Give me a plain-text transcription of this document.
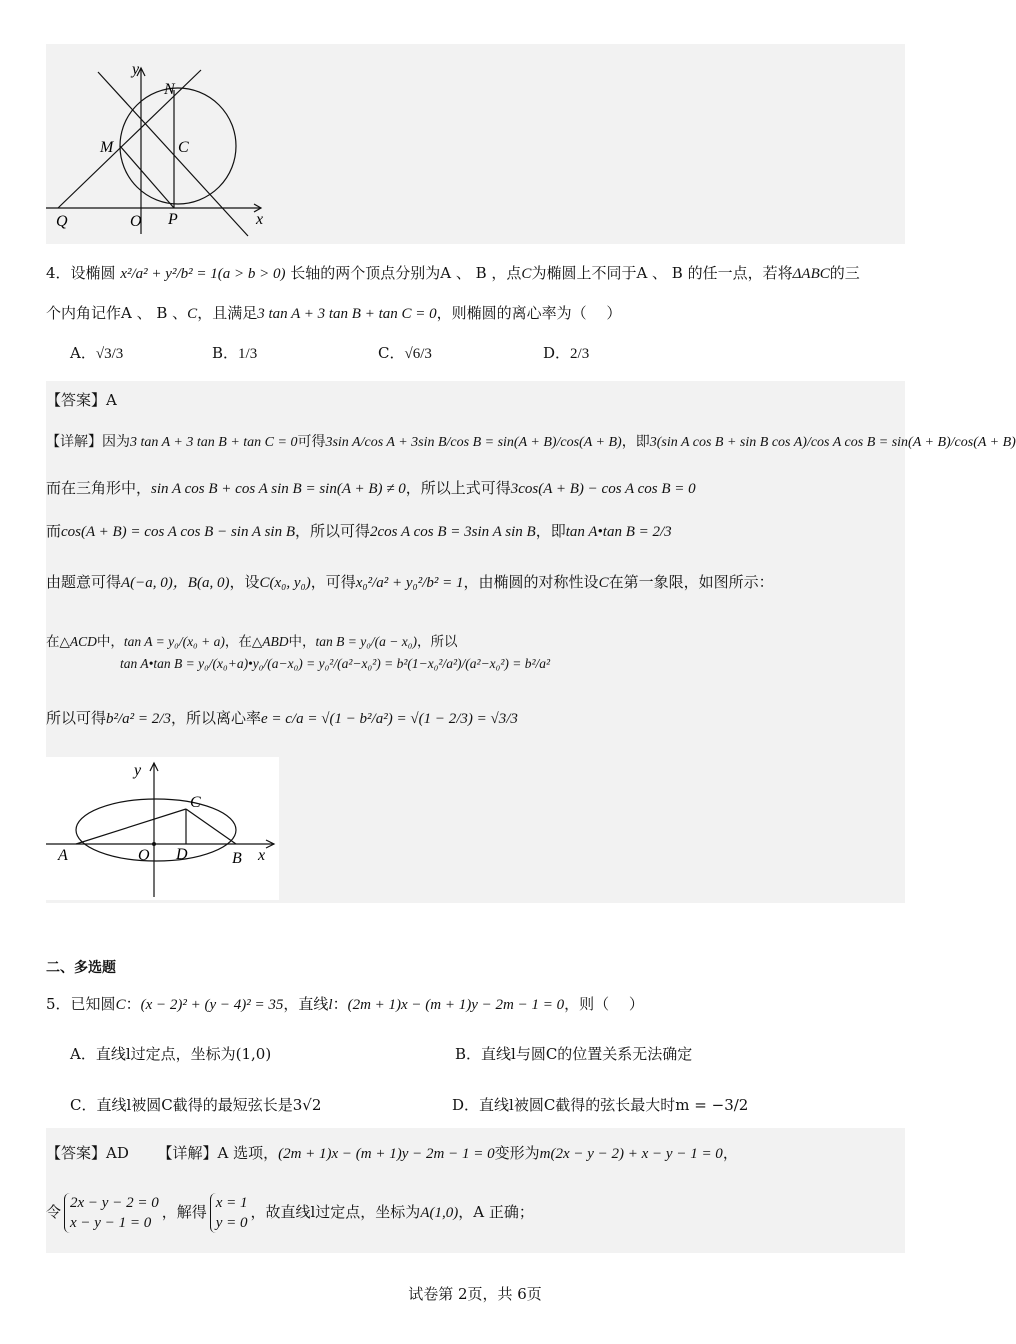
y
N
M	C
Q	O P	x
4．设椭圆 x²/a² + y²/b² = 1(a > b > 0) 长轴的两个顶点分别为A 、 B ，点C为椭圆上不同于A 、 B 的任一点，若将ΔABC的三
个内角记作A 、 B 、C，且满足3 tan A + 3 tan B + tan C = 0，则椭圆的离心率为（　 ）
A．√3/3	B．1/3	C．√6/3	D．2/3
【答案】A
【详解】因为3 tan A + 3 tan B + tan C = 0可得3sin A/cos A + 3sin B/cos B = sin(A + B)/cos(A + B)，即3(sin A cos B + sin B cos A)/cos A cos B = sin(A + B)/cos(A + B)
而在三角形中，sin A cos B + cos A sin B = sin(A + B) ≠ 0，所以上式可得3cos(A + B) − cos A cos B = 0
而cos(A + B) = cos A cos B − sin A sin B，所以可得2cos A cos B = 3sin A sin B，即tan A•tan B = 2/3
由题意可得A(−a, 0)，B(a, 0)，设C(x₀, y₀)，可得x₀²/a² + y₀²/b² = 1，由椭圆的对称性设C在第一象限，如图所示：
在△ACD中，tan A = y₀/(x₀ + a)，在△ABD中，tan B = y₀/(a − x₀)，所以
tan A•tan B = y₀/(x₀+a)•y₀/(a−x₀) = y₀²/(a²−x₀²) = b²(1−x₀²/a²)/(a²−x₀²) = b²/a²
所以可得b²/a² = 2/3，所以离心率e = c/a = √(1 − b²/a²) = √(1 − 2/3) = √3/3
y
C
A	O D	B x
二、多选题
5．已知圆C：(x − 2)² + (y − 4)² = 35，直线l：(2m + 1)x − (m + 1)y − 2m − 1 = 0，则（　 ）
A．直线l过定点，坐标为(1,0)	B．直线l与圆C的位置关系无法确定
C．直线l被圆C截得的最短弦长是3√2	D．直线l被圆C截得的弦长最大时m = −3/2
【答案】AD 【详解】A 选项，(2m + 1)x − (m + 1)y − 2m − 1 = 0变形为m(2x − y − 2) + x − y − 1 = 0，
令 2x − y − 2 = 0
x − y − 1 = 0
，解得 x = 1
y = 0
，故直线l过定点，坐标为A(1,0)，A 正确；
试卷第 2页，共 6页
